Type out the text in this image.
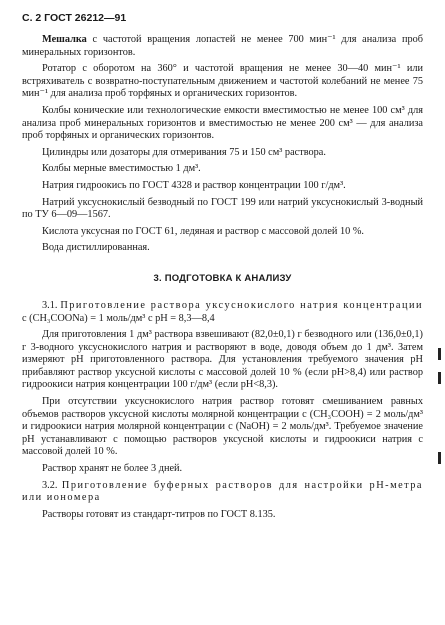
С. 2 ГОСТ 26212—91

Мешалка с частотой вращения лопастей не менее 700 мин⁻¹ для анализа проб минеральных горизонтов.

Ротатор с оборотом на 360° и частотой вращения не менее 30—40 мин⁻¹ или встряхиватель с возвратно-поступательным движением и частотой колебаний не менее 75 мин⁻¹ для анализа проб торфяных и органических горизонтов.

Колбы конические или технологические емкости вместимостью не менее 100 см³ для анализа проб минеральных горизонтов и вместимостью не менее 200 см³ — для анализа проб торфяных и органических горизонтов.

Цилиндры или дозаторы для отмеривания 75 и 150 см³ раствора.

Колбы мерные вместимостью 1 дм³.

Натрия гидроокись по ГОСТ 4328 и раствор концентрации 100 г/дм³.

Натрий уксуснокислый безводный по ГОСТ 199 или натрий уксуснокислый 3-водный по ТУ 6—09—1567.

Кислота уксусная по ГОСТ 61, ледяная и раствор с массовой долей 10 %.

Вода дистиллированная.

3. ПОДГОТОВКА К АНАЛИЗУ

3.1. Приготовление раствора уксуснокислого натрия концентрации с (CH₃COONa) = 1 моль/дм³ с pH = 8,3—8,4

Для приготовления 1 дм³ раствора взвешивают (82,0±0,1) г безводного или (136,0±0,1) г 3-водного уксуснокислого натрия и растворяют в воде, доводя объем до 1 дм³. Затем измеряют pH приготовленного раствора. Для установления требуемого значения pH прибавляют раствор уксусной кислоты с массовой долей 10 % (если pH>8,4) или раствор гидроокиси натрия концентрации 100 г/дм³ (если pH<8,3).

При отсутствии уксуснокислого натрия раствор готовят смешиванием равных объемов растворов уксусной кислоты молярной концентрации с (CH₃COOH) = 2 моль/дм³ и гидроокиси натрия молярной концентрации с (NaOH) = 2 моль/дм³. Требуемое значение pH устанавливают с помощью растворов уксусной кислоты и гидроокиси натрия с массовой долей 10 %.

Раствор хранят не более 3 дней.

3.2. Приготовление буферных растворов для настройки pH-метра или иономера

Растворы готовят из стандарт-титров по ГОСТ 8.135.
